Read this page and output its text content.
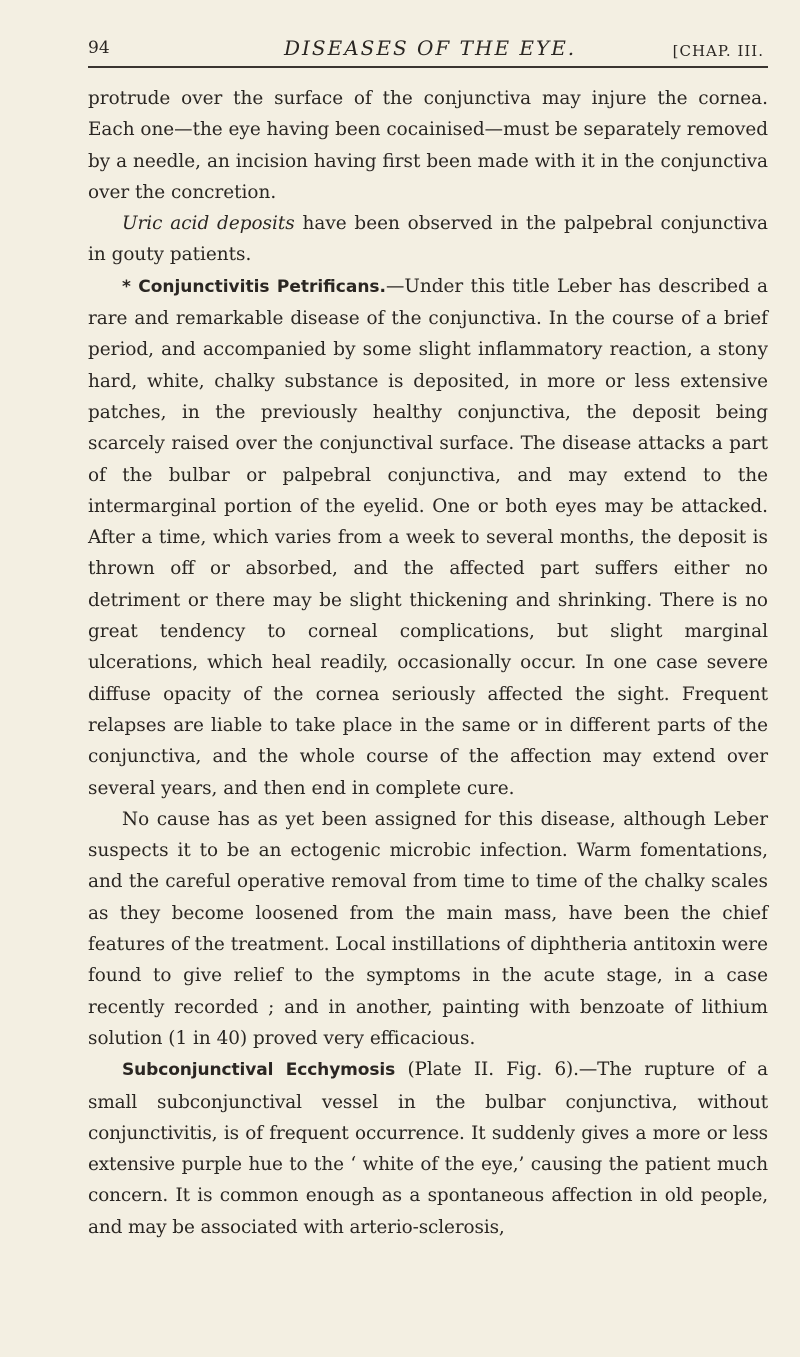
94	DISEASES OF THE EYE.	[CHAP. III.

protrude over the surface of the conjunctiva may injure the cornea. Each one—the eye having been cocainised—must be separately removed by a needle, an incision having first been made with it in the conjunctiva over the concretion.

Uric acid deposits have been observed in the palpebral conjunctiva in gouty patients.

* Conjunctivitis Petrificans.—Under this title Leber has described a rare and remarkable disease of the conjunctiva. In the course of a brief period, and accompanied by some slight inflammatory reaction, a stony hard, white, chalky substance is deposited, in more or less extensive patches, in the previously healthy conjunctiva, the deposit being scarcely raised over the conjunctival surface. The disease attacks a part of the bulbar or palpebral conjunctiva, and may extend to the intermarginal portion of the eyelid. One or both eyes may be attacked. After a time, which varies from a week to several months, the deposit is thrown off or absorbed, and the affected part suffers either no detriment or there may be slight thickening and shrinking. There is no great tendency to corneal complications, but slight marginal ulcerations, which heal readily, occasionally occur. In one case severe diffuse opacity of the cornea seriously affected the sight. Frequent relapses are liable to take place in the same or in different parts of the conjunctiva, and the whole course of the affection may extend over several years, and then end in complete cure.

No cause has as yet been assigned for this disease, although Leber suspects it to be an ectogenic microbic infection. Warm fomentations, and the careful operative removal from time to time of the chalky scales as they become loosened from the main mass, have been the chief features of the treatment. Local instillations of diphtheria antitoxin were found to give relief to the symptoms in the acute stage, in a case recently recorded ; and in another, painting with benzoate of lithium solution (1 in 40) proved very efficacious.

Subconjunctival Ecchymosis (Plate II. Fig. 6).—The rupture of a small subconjunctival vessel in the bulbar conjunctiva, without conjunctivitis, is of frequent occurrence. It suddenly gives a more or less extensive purple hue to the ‘ white of the eye,’ causing the patient much concern. It is common enough as a spontaneous affection in old people, and may be associated with arterio-sclerosis,
